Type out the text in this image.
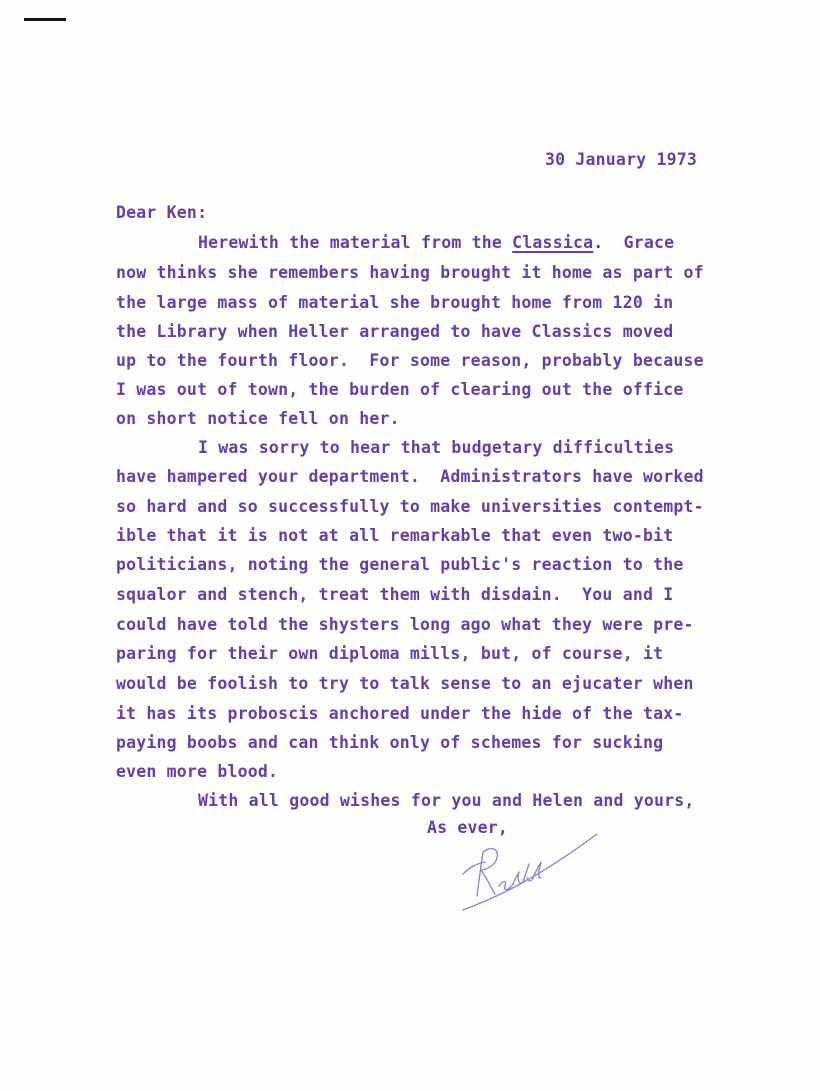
30 January 1973
Dear Ken:
Herewith the material from the Classica.  Grace
now thinks she remembers having brought it home as part of
the large mass of material she brought home from 120 in
the Library when Heller arranged to have Classics moved
up to the fourth floor.  For some reason, probably because
I was out of town, the burden of clearing out the office
on short notice fell on her.
I was sorry to hear that budgetary difficulties
have hampered your department.  Administrators have worked
so hard and so successfully to make universities contempt-
ible that it is not at all remarkable that even two-bit
politicians, noting the general public's reaction to the
squalor and stench, treat them with disdain.  You and I
could have told the shysters long ago what they were pre-
paring for their own diploma mills, but, of course, it
would be foolish to try to talk sense to an ejucater when
it has its proboscis anchored under the hide of the tax-
paying boobs and can think only of schemes for sucking
even more blood.
With all good wishes for you and Helen and yours,
As ever,
